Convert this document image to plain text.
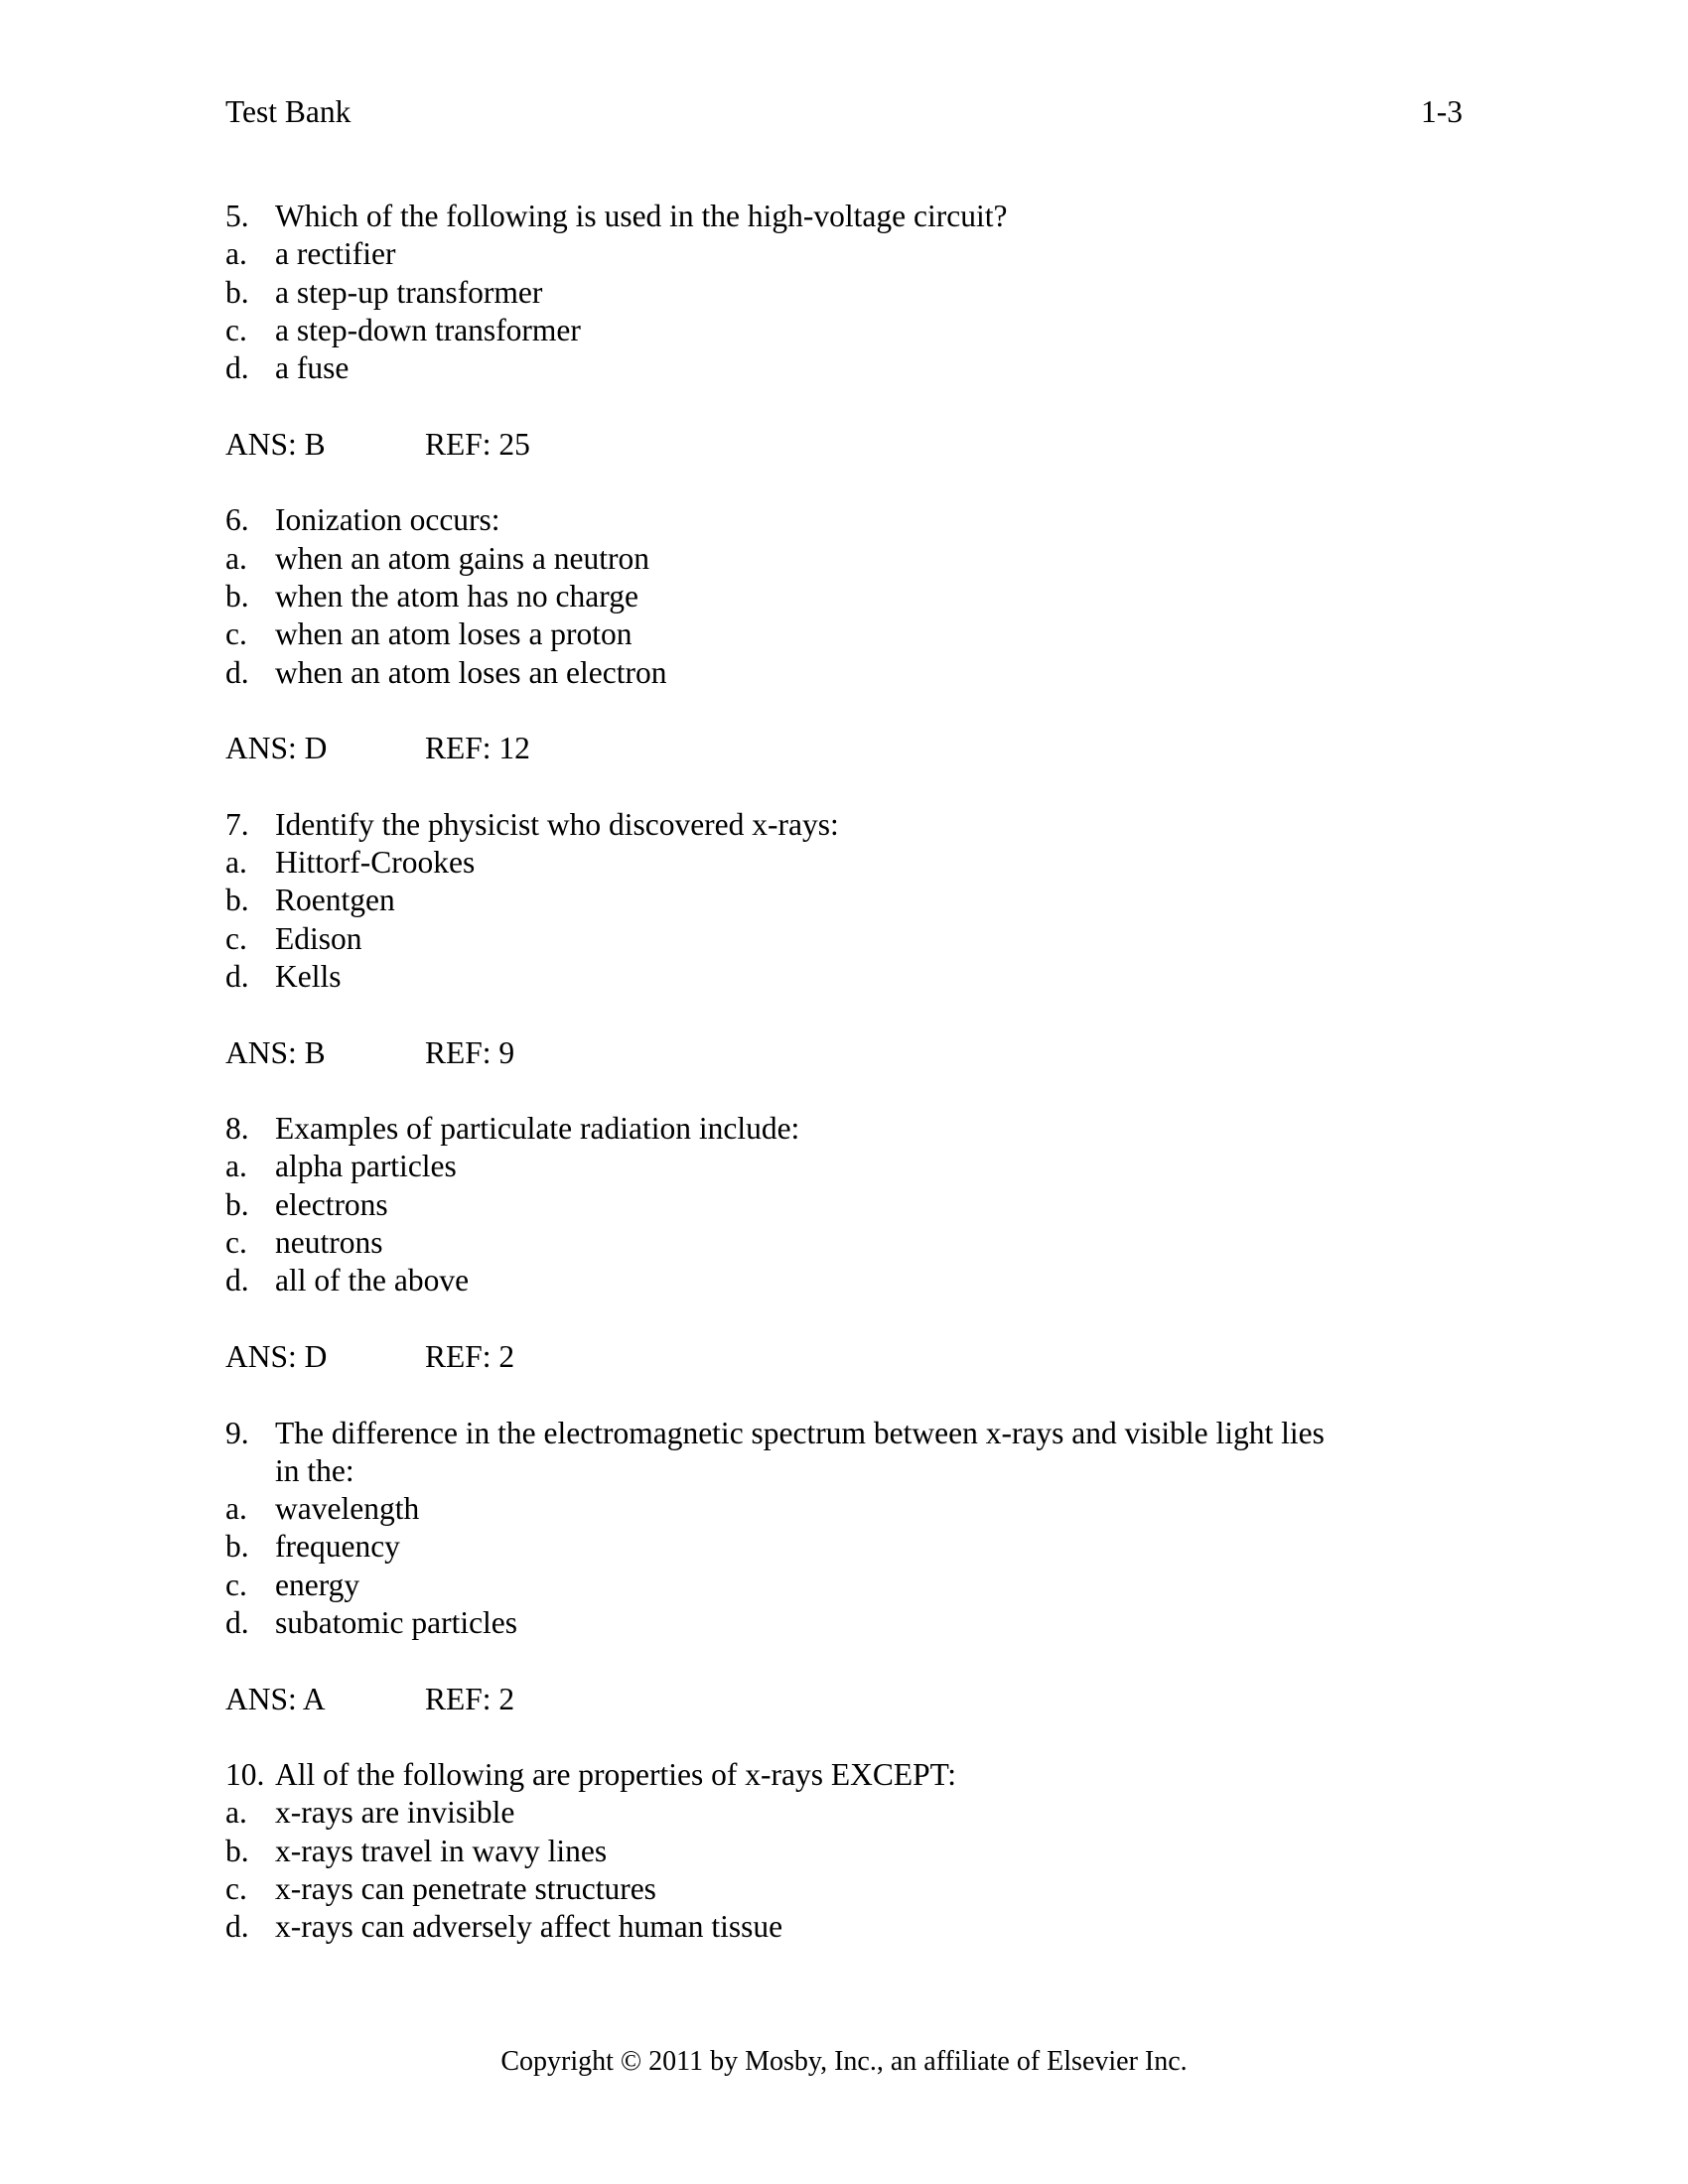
Test Bank	1-3
5. Which of the following is used in the high-voltage circuit?
a. a rectifier
b. a step-up transformer
c. a step-down transformer
d. a fuse
ANS: B	REF: 25
6. Ionization occurs:
a. when an atom gains a neutron
b. when the atom has no charge
c. when an atom loses a proton
d. when an atom loses an electron
ANS: D	REF: 12
7. Identify the physicist who discovered x-rays:
a. Hittorf-Crookes
b. Roentgen
c. Edison
d. Kells
ANS: B	REF: 9
8. Examples of particulate radiation include:
a. alpha particles
b. electrons
c. neutrons
d. all of the above
ANS: D	REF: 2
9. The difference in the electromagnetic spectrum between x-rays and visible light lies
in the:
a. wavelength
b. frequency
c. energy
d. subatomic particles
ANS: A	REF: 2
10. All of the following are properties of x-rays EXCEPT:
a. x-rays are invisible
b. x-rays travel in wavy lines
c. x-rays can penetrate structures
d. x-rays can adversely affect human tissue
Copyright © 2011 by Mosby, Inc., an affiliate of Elsevier Inc.
